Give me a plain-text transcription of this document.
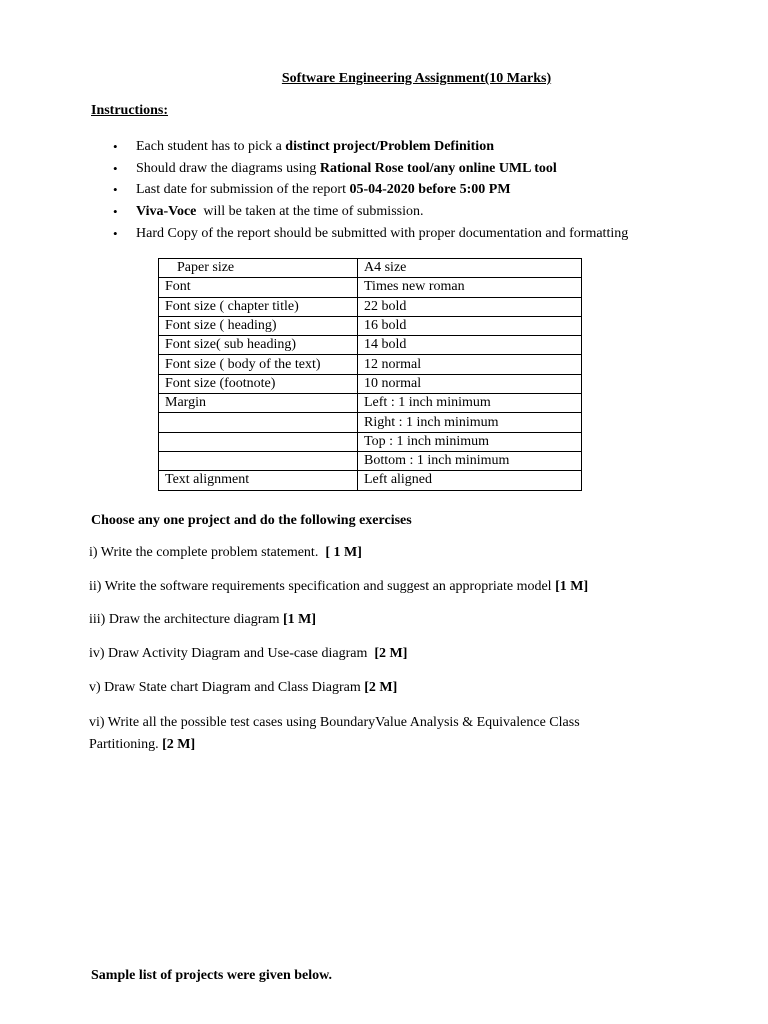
Software Engineering Assignment(10 Marks)
Instructions:
• Each student has to pick a distinct project/Problem Definition
• Should draw the diagrams using Rational Rose tool/any online UML tool
• Last date for submission of the report 05-04-2020 before 5:00 PM
• Viva-Voce  will be taken at the time of submission.
• Hard Copy of the report should be submitted with proper documentation and formatting
Paper size	A4 size
Font	Times new roman
Font size ( chapter title)	22 bold
Font size ( heading)	16 bold
Font size( sub heading)	14 bold
Font size ( body of the text)	12 normal
Font size (footnote)	10 normal
Margin	Left : 1 inch minimum
	Right : 1 inch minimum
	Top : 1 inch minimum
	Bottom : 1 inch minimum
Text alignment	Left aligned
Choose any one project and do the following exercises
i) Write the complete problem statement.  [ 1 M]
ii) Write the software requirements specification and suggest an appropriate model [1 M]
iii) Draw the architecture diagram [1 M]
iv) Draw Activity Diagram and Use-case diagram  [2 M]
v) Draw State chart Diagram and Class Diagram [2 M]
vi) Write all the possible test cases using BoundaryValue Analysis & Equivalence Class Partitioning. [2 M]
Sample list of projects were given below.
